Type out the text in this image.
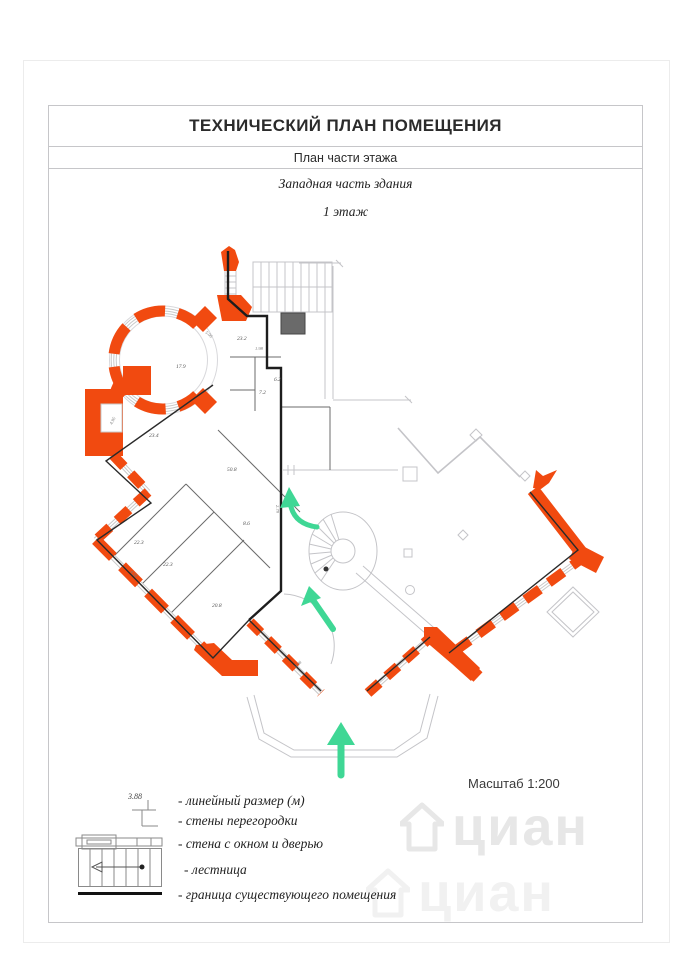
ТЕХНИЧЕСКИЙ ПЛАН ПОМЕЩЕНИЯ
План части этажа
Западная часть здания
1 этаж
циан
циан
17.9
23.2
6.2
7.2
23.4
50.8
8.6
22.3
22.3
20.8
5.06
4.95
1.98
4.58
2.79
0.98
Масштаб 1:200
3.88	- линейный размер (м)
- стены перегородки
- стена с окном и дверью
- лестница
- граница существующего помещения
